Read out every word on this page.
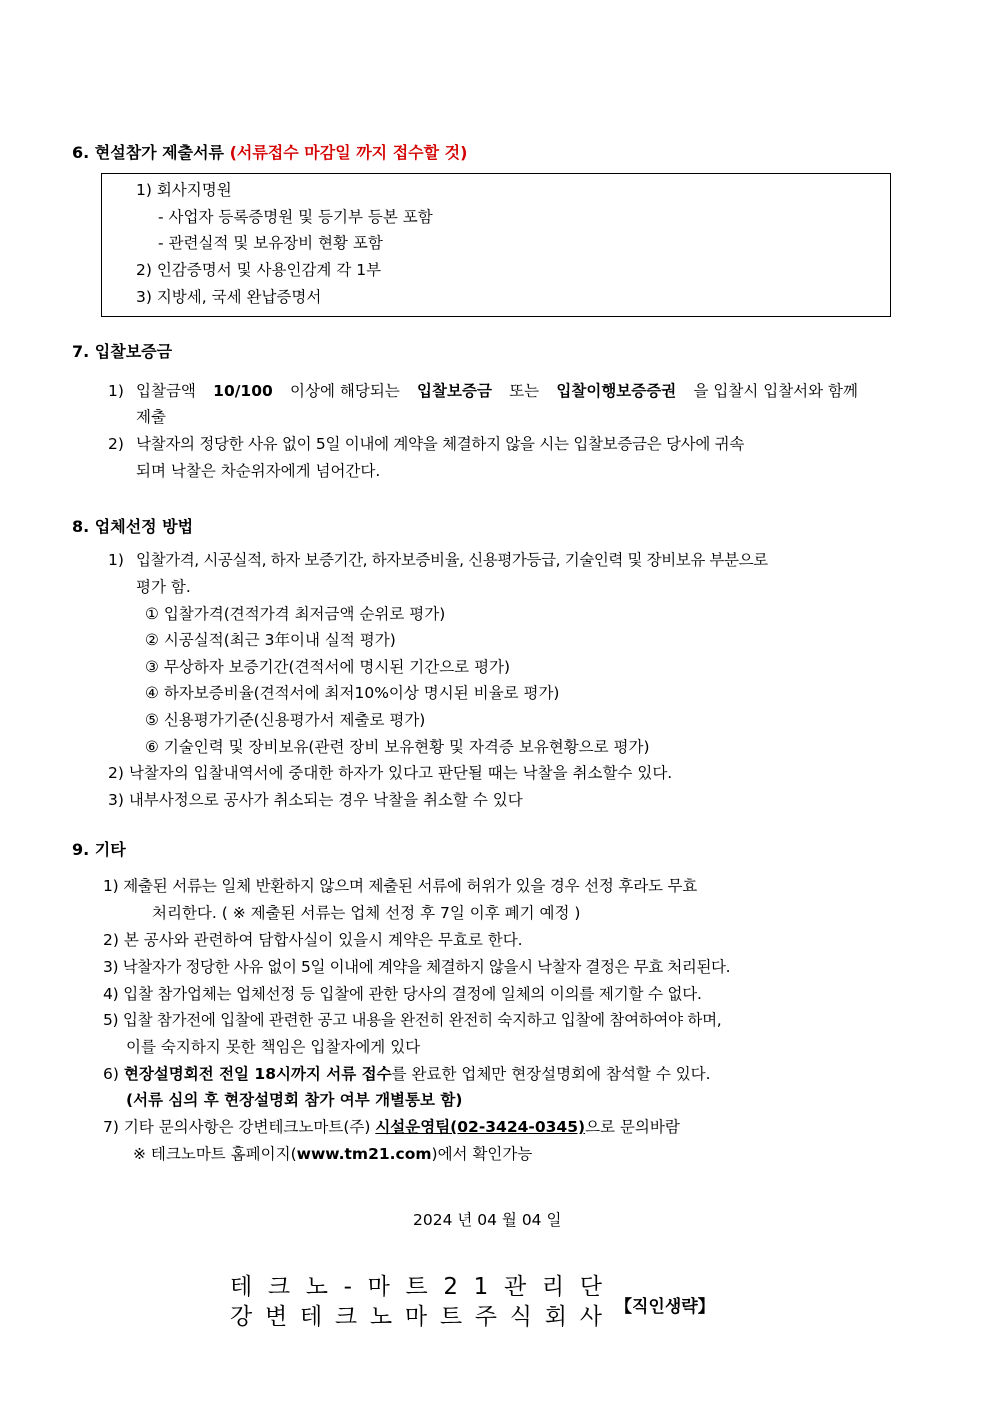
6. 현설참가 제출서류 (서류접수 마감일 까지 접수할 것)
1) 회사지명원
- 사업자 등록증명원 및 등기부 등본 포함
- 관련실적 및 보유장비 현황 포함
2) 인감증명서 및 사용인감계 각 1부
3) 지방세, 국세 완납증명서
7. 입찰보증금
1) 입찰금액 10/100 이상에 해당되는 입찰보증금 또는 입찰이행보증증권 을 입찰시 입찰서와 함께
제출
2) 낙찰자의 정당한 사유 없이 5일 이내에 계약을 체결하지 않을 시는 입찰보증금은 당사에 귀속
되며 낙찰은 차순위자에게 넘어간다.
8. 업체선정 방법
1) 입찰가격, 시공실적, 하자 보증기간, 하자보증비율, 신용평가등급, 기술인력 및 장비보유 부분으로
평가 함.
① 입찰가격(견적가격 최저금액 순위로 평가)
② 시공실적(최근 3年이내 실적 평가)
③ 무상하자 보증기간(견적서에 명시된 기간으로 평가)
④ 하자보증비율(견적서에 최저10%이상 명시된 비율로 평가)
⑤ 신용평가기준(신용평가서 제출로 평가)
⑥ 기술인력 및 장비보유(관련 장비 보유현황 및 자격증 보유현황으로 평가)
2) 낙찰자의 입찰내역서에 중대한 하자가 있다고 판단될 때는 낙찰을 취소할수 있다.
3) 내부사정으로 공사가 취소되는 경우 낙찰을 취소할 수 있다
9. 기타
1) 제출된 서류는 일체 반환하지 않으며 제출된 서류에 허위가 있을 경우 선정 후라도 무효
처리한다. ( ※ 제출된 서류는 업체 선정 후 7일 이후 폐기 예정 )
2) 본 공사와 관련하여 담합사실이 있을시 계약은 무효로 한다.
3) 낙찰자가 정당한 사유 없이 5일 이내에 계약을 체결하지 않을시 낙찰자 결정은 무효 처리된다.
4) 입찰 참가업체는 업체선정 등 입찰에 관한 당사의 결정에 일체의 이의를 제기할 수 없다.
5) 입찰 참가전에 입찰에 관련한 공고 내용을 완전히 완전히 숙지하고 입찰에 참여하여야 하며,
이를 숙지하지 못한 책임은 입찰자에게 있다
6) 현장설명회전 전일 18시까지 서류 접수를 완료한 업체만 현장설명회에 참석할 수 있다.
(서류 심의 후 현장설명회 참가 여부 개별통보 함)
7) 기타 문의사항은 강변테크노마트(주) 시설운영팀(02-3424-0345)으로 문의바람
※ 테크노마트 홈페이지(www.tm21.com)에서 확인가능
2024 년 04 월 04 일
테 크 노 - 마 트 2 1 관 리 단
강 변 테 크 노 마 트 주 식 회 사 【직인생략】
